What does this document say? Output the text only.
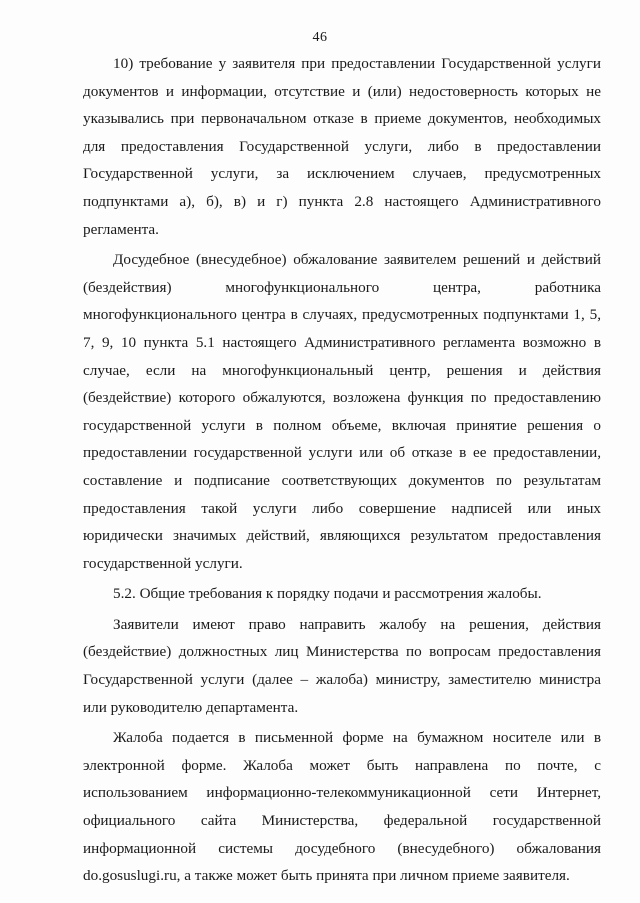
46

10) требование у заявителя при предоставлении Государственной услуги документов и информации, отсутствие и (или) недостоверность которых не указывались при первоначальном отказе в приеме документов, необходимых для предоставления Государственной услуги, либо в предоставлении Государственной услуги, за исключением случаев, предусмотренных подпунктами а), б), в) и г) пункта 2.8 настоящего Административного регламента.

Досудебное (внесудебное) обжалование заявителем решений и действий (бездействия) многофункционального центра, работника многофункционального центра в случаях, предусмотренных подпунктами 1, 5, 7, 9, 10 пункта 5.1 настоящего Административного регламента возможно в случае, если на многофункциональный центр, решения и действия (бездействие) которого обжалуются, возложена функция по предоставлению государственной услуги в полном объеме, включая принятие решения о предоставлении государственной услуги или об отказе в ее предоставлении, составление и подписание соответствующих документов по результатам предоставления такой услуги либо совершение надписей или иных юридически значимых действий, являющихся результатом предоставления государственной услуги.

5.2. Общие требования к порядку подачи и рассмотрения жалобы.

Заявители имеют право направить жалобу на решения, действия (бездействие) должностных лиц Министерства по вопросам предоставления Государственной услуги (далее – жалоба) министру, заместителю министра или руководителю департамента.

Жалоба подается в письменной форме на бумажном носителе или в электронной форме. Жалоба может быть направлена по почте, с использованием информационно-телекоммуникационной сети Интернет, официального сайта Министерства, федеральной государственной информационной системы досудебного (внесудебного) обжалования do.gosuslugi.ru, а также может быть принята при личном приеме заявителя.
